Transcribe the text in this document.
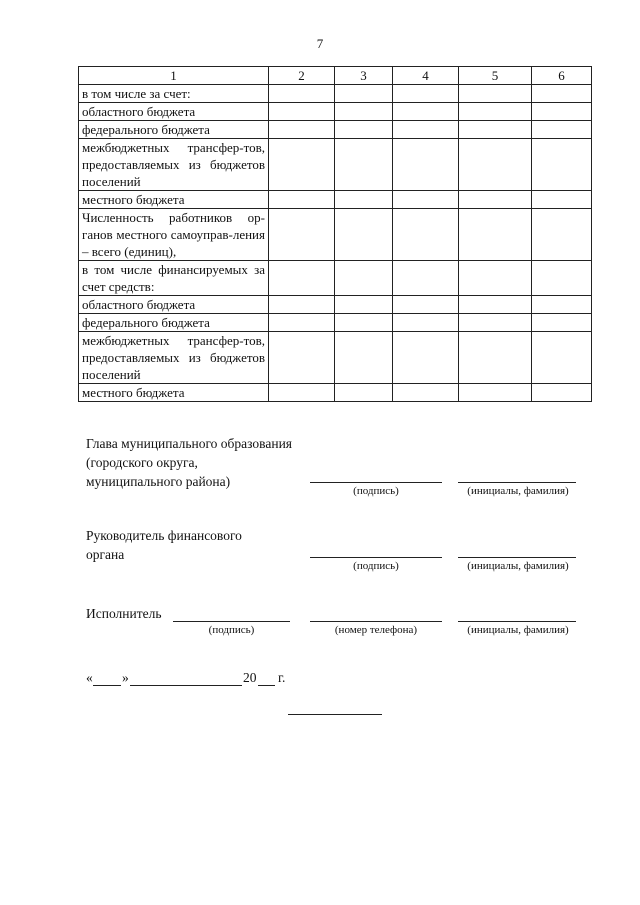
7
1	2	3	4	5	6
в том числе за счет:					
областного бюджета					
федерального бюджета					
межбюджетных трансфер-тов, предоставляемых из бюджетов поселений					
местного бюджета					
Численность работников ор-ганов местного самоуправ-ления – всего (единиц),					
в том числе финансируемых за счет средств:					
областного бюджета					
федерального бюджета					
межбюджетных трансфер-тов, предоставляемых из бюджетов поселений					
местного бюджета					
Глава муниципального образования
(городского округа,
муниципального района)
(подпись)	(инициалы, фамилия)
Руководитель финансового
органа
(подпись)	(инициалы, фамилия)
Исполнитель
(подпись)	(номер телефона)	(инициалы, фамилия)
« »	20 г.
